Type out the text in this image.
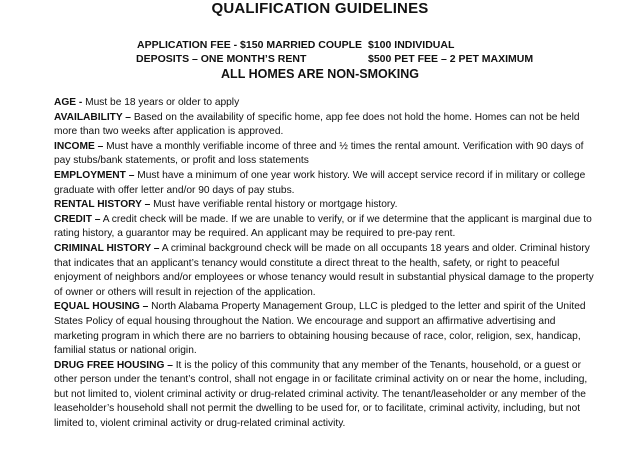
QUALIFICATION GUIDELINES
APPLICATION FEE - $150 MARRIED COUPLE $100 INDIVIDUAL
DEPOSITS – ONE MONTH’S RENT	$500 PET FEE – 2 PET MAXIMUM
ALL HOMES ARE NON-SMOKING

AGE - Must be 18 years or older to apply

AVAILABILITY – Based on the availability of specific home, app fee does not hold the home. Homes can not be held more than two weeks after application is approved.

INCOME – Must have a monthly verifiable income of three and ½ times the rental amount. Verification with 90 days of pay stubs/bank statements, or profit and loss statements

EMPLOYMENT – Must have a minimum of one year work history. We will accept service record if in military or college graduate with offer letter and/or 90 days of pay stubs.

RENTAL HISTORY – Must have verifiable rental history or mortgage history.

CREDIT – A credit check will be made. If we are unable to verify, or if we determine that the applicant is marginal due to rating history, a guarantor may be required. An applicant may be required to pre-pay rent.

CRIMINAL HISTORY – A criminal background check will be made on all occupants 18 years and older. Criminal history that indicates that an applicant’s tenancy would constitute a direct threat to the health, safety, or right to peaceful enjoyment of neighbors and/or employees or whose tenancy would result in substantial physical damage to the property of owner or others will result in rejection of the application.

EQUAL HOUSING – North Alabama Property Management Group, LLC is pledged to the letter and spirit of the United States Policy of equal housing throughout the Nation. We encourage and support an affirmative advertising and marketing program in which there are no barriers to obtaining housing because of race, color, religion, sex, handicap, familial status or national origin.

DRUG FREE HOUSING – It is the policy of this community that any member of the Tenants, household, or a guest or other person under the tenant’s control, shall not engage in or facilitate criminal activity on or near the home, including, but not limited to, violent criminal activity or drug-related criminal activity. The tenant/leaseholder or any member of the leaseholder’s household shall not permit the dwelling to be used for, or to facilitate, criminal activity, including, but not limited to, violent criminal activity or drug-related criminal activity.
